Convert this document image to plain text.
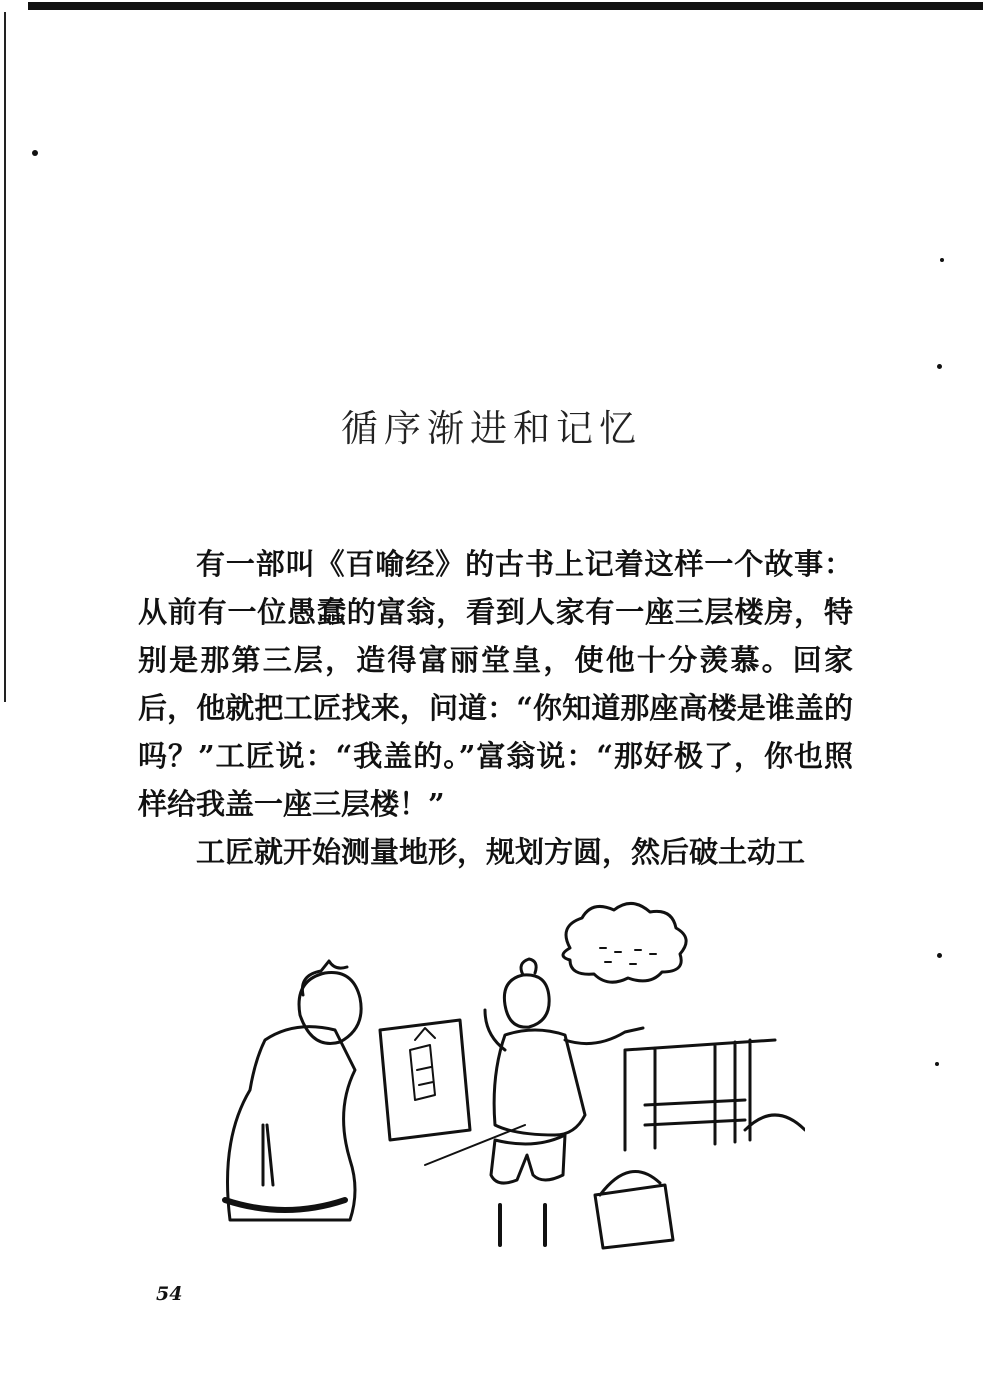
循序渐进和记忆

有一部叫《百喻经》的古书上记着这样一个故事：从前有一位愚蠢的富翁，看到人家有一座三层楼房，特别是那第三层，造得富丽堂皇，使他十分羡慕。回家后，他就把工匠找来，问道：“你知道那座高楼是谁盖的吗？”工匠说：“我盖的。”富翁说：“那好极了，你也照样给我盖一座三层楼！”

工匠就开始测量地形，规划方圆，然后破土动工

54
